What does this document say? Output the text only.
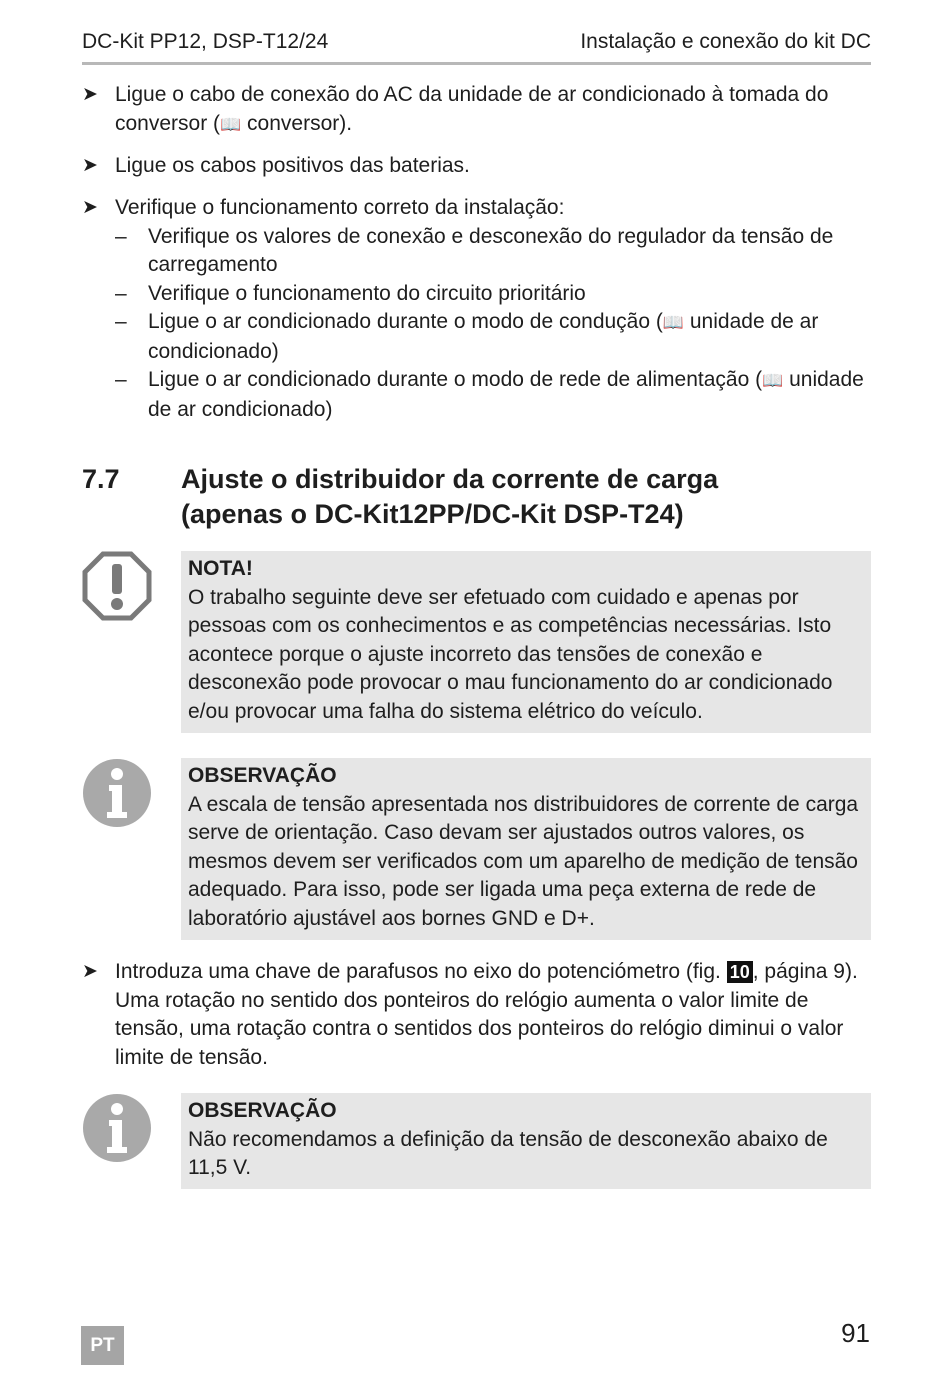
DC-Kit PP12, DSP-T12/24	Instalação e conexão do kit DC
➤ Ligue o cabo de conexão do AC da unidade de ar condicionado à tomada do conversor (📖 conversor).
➤ Ligue os cabos positivos das baterias.
➤ Verifique o funcionamento correto da instalação:
– Verifique os valores de conexão e desconexão do regulador da tensão de carregamento
– Verifique o funcionamento do circuito prioritário
– Ligue o ar condicionado durante o modo de condução (📖 unidade de ar condicionado)
– Ligue o ar condicionado durante o modo de rede de alimentação (📖 unidade de ar condicionado)
7.7 Ajuste o distribuidor da corrente de carga (apenas o DC-Kit12PP/DC-Kit DSP-T24)
NOTA!
O trabalho seguinte deve ser efetuado com cuidado e apenas por pessoas com os conhecimentos e as competências necessárias. Isto acontece porque o ajuste incorreto das tensões de conexão e desconexão pode provocar o mau funcionamento do ar condicionado e/ou provocar uma falha do sistema elétrico do veículo.
OBSERVAÇÃO
A escala de tensão apresentada nos distribuidores de corrente de carga serve de orientação. Caso devam ser ajustados outros valores, os mesmos devem ser verificados com um aparelho de medição de tensão adequado. Para isso, pode ser ligada uma peça externa de rede de laboratório ajustável aos bornes GND e D+.
➤ Introduza uma chave de parafusos no eixo do potenciómetro (fig. 10 , página 9). Uma rotação no sentido dos ponteiros do relógio aumenta o valor limite de tensão, uma rotação contra o sentidos dos ponteiros do relógio diminui o valor limite de tensão.
OBSERVAÇÃO
Não recomendamos a definição da tensão de desconexão abaixo de 11,5 V.
PT	91
